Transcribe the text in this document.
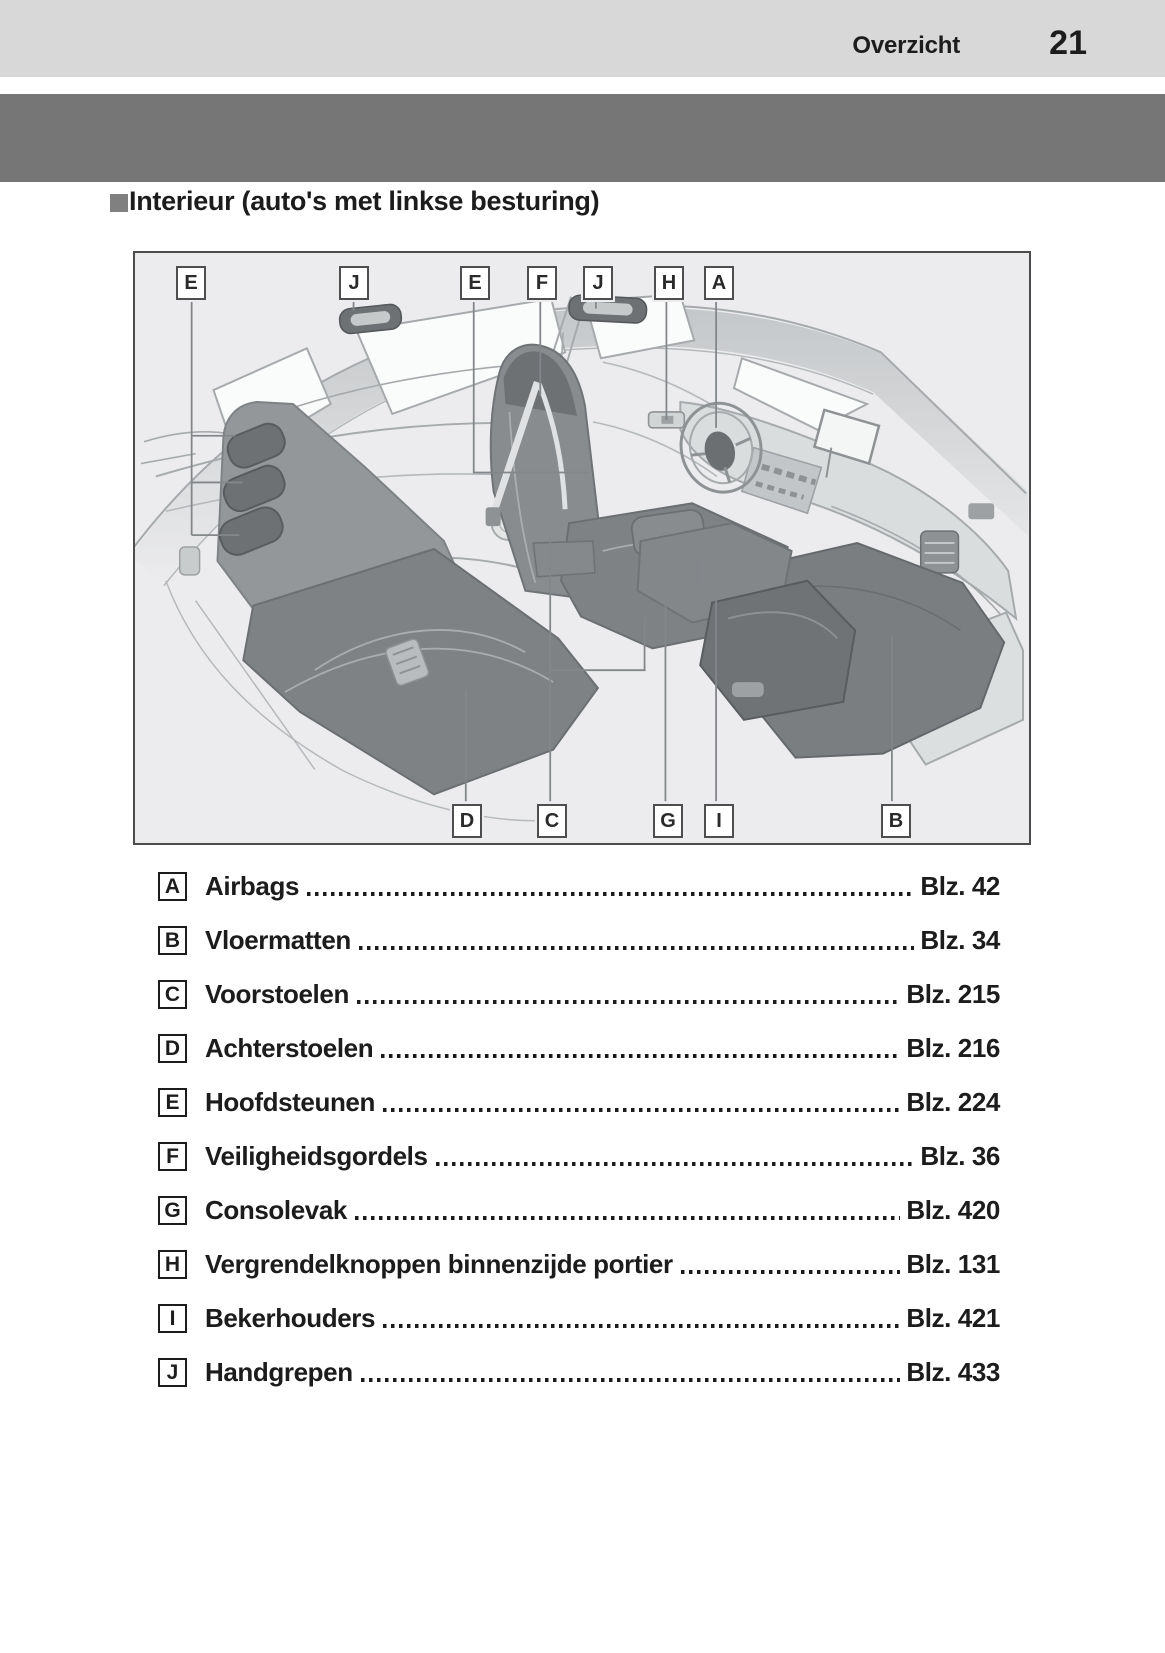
Overzicht	21
Interieur (auto's met linkse besturing)
E	J	E	F	J	H	A
D	C	G	I	B
A Airbags	Blz. 42
B Vloermatten	Blz. 34
C Voorstoelen	Blz. 215
D Achterstoelen	Blz. 216
E Hoofdsteunen	Blz. 224
F	Veiligheidsgordels	Blz. 36
G Consolevak	Blz. 420
H Vergrendelknoppen binnenzijde portier	Blz. 131
I	Bekerhouders	Blz. 421
J	Handgrepen	Blz. 433
